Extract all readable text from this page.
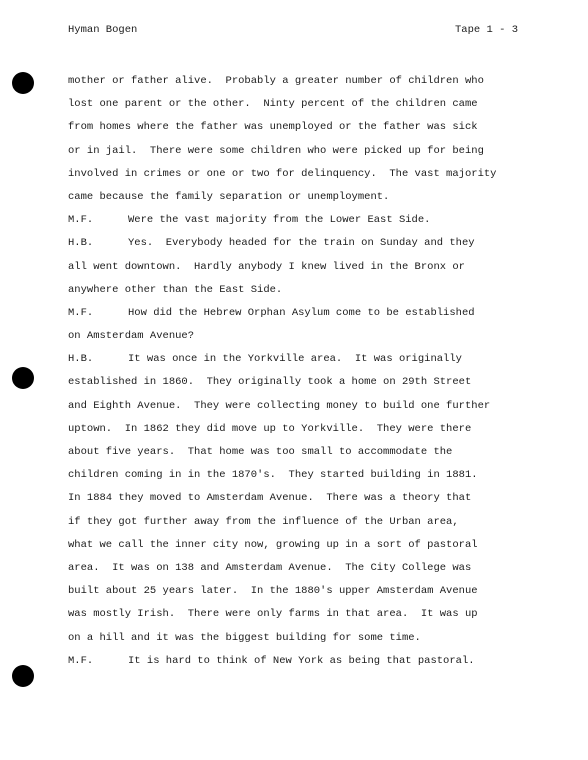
Hyman Bogen	Tape 1 - 3
mother or father alive.  Probably a greater number of children who
lost one parent or the other.  Ninty percent of the children came
from homes where the father was unemployed or the father was sick
or in jail.  There were some children who were picked up for being
involved in crimes or one or two for delinquency.  The vast majority
came because the family separation or unemployment.
M.F.	Were the vast majority from the Lower East Side.
H.B.	Yes.  Everybody headed for the train on Sunday and they
all went downtown.  Hardly anybody I knew lived in the Bronx or
anywhere other than the East Side.
M.F.	How did the Hebrew Orphan Asylum come to be established
on Amsterdam Avenue?
H.B.	It was once in the Yorkville area.  It was originally
established in 1860.  They originally took a home on 29th Street
and Eighth Avenue.  They were collecting money to build one further
uptown.  In 1862 they did move up to Yorkville.  They were there
about five years.  That home was too small to accommodate the
children coming in in the 1870's.  They started building in 1881.
In 1884 they moved to Amsterdam Avenue.  There was a theory that
if they got further away from the influence of the Urban area,
what we call the inner city now, growing up in a sort of pastoral
area.  It was on 138 and Amsterdam Avenue.  The City College was
built about 25 years later.  In the 1880's upper Amsterdam Avenue
was mostly Irish.  There were only farms in that area.  It was up
on a hill and it was the biggest building for some time.
M.F.	It is hard to think of New York as being that pastoral.
